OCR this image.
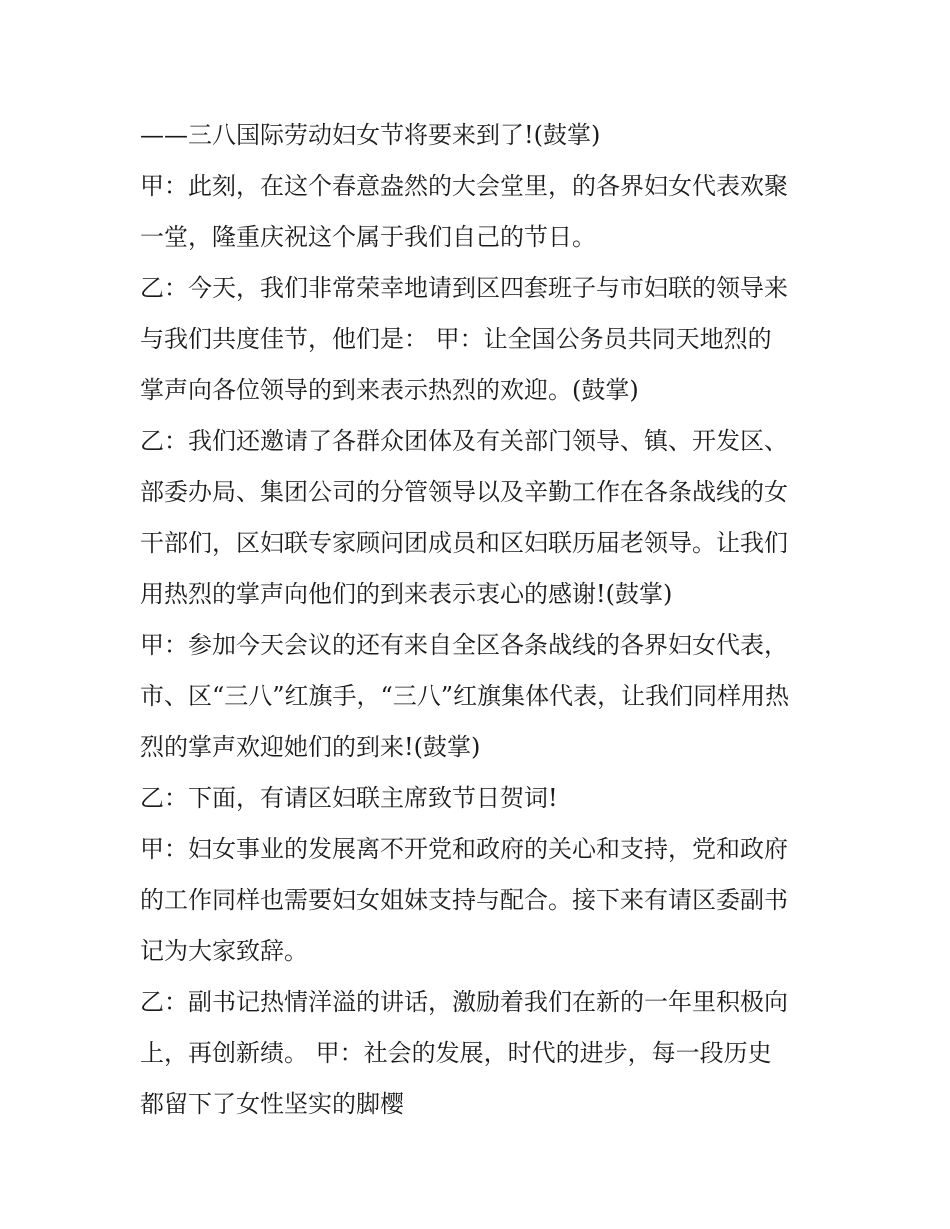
——三八国际劳动妇女节将要来到了!(鼓掌)
甲：此刻，在这个春意盎然的大会堂里，的各界妇女代表欢聚
一堂，隆重庆祝这个属于我们自己的节日。
乙：今天，我们非常荣幸地请到区四套班子与市妇联的领导来
与我们共度佳节，他们是： 甲：让全国公务员共同天地烈的
掌声向各位领导的到来表示热烈的欢迎。(鼓掌)
乙：我们还邀请了各群众团体及有关部门领导、镇、开发区、
部委办局、集团公司的分管领导以及辛勤工作在各条战线的女
干部们，区妇联专家顾问团成员和区妇联历届老领导。让我们
用热烈的掌声向他们的到来表示衷心的感谢!(鼓掌)
甲：参加今天会议的还有来自全区各条战线的各界妇女代表，
市、区“三八”红旗手，“三八”红旗集体代表，让我们同样用热
烈的掌声欢迎她们的到来!(鼓掌)
乙：下面，有请区妇联主席致节日贺词!
甲：妇女事业的发展离不开党和政府的关心和支持，党和政府
的工作同样也需要妇女姐妹支持与配合。接下来有请区委副书
记为大家致辞。
乙：副书记热情洋溢的讲话，激励着我们在新的一年里积极向
上，再创新绩。 甲：社会的发展，时代的进步，每一段历史
都留下了女性坚实的脚樱
